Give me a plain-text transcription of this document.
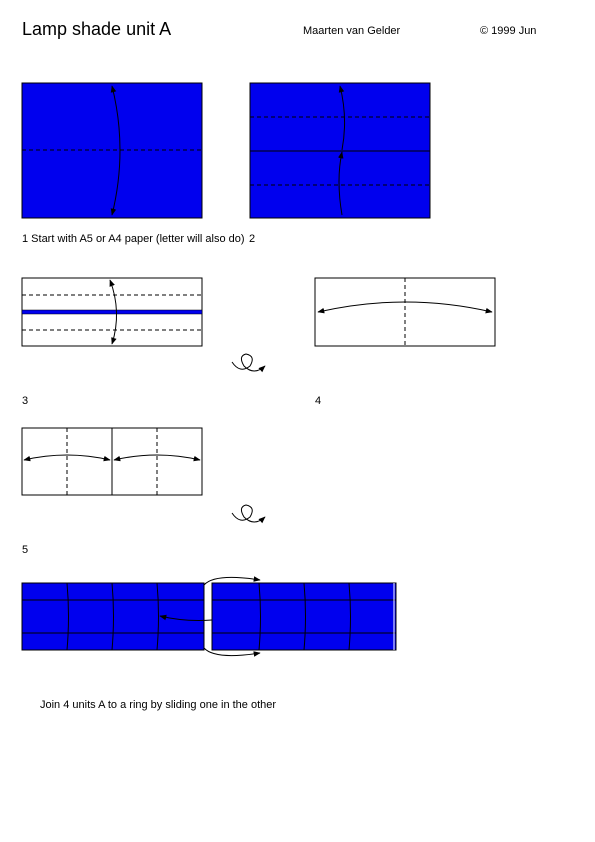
Lamp shade unit A	Maarten van Gelder	© 1999 Jun
1 Start with A5 or A4 paper (letter will also do) 2
3	4
5
Join 4 units A to a ring by sliding one in the other
